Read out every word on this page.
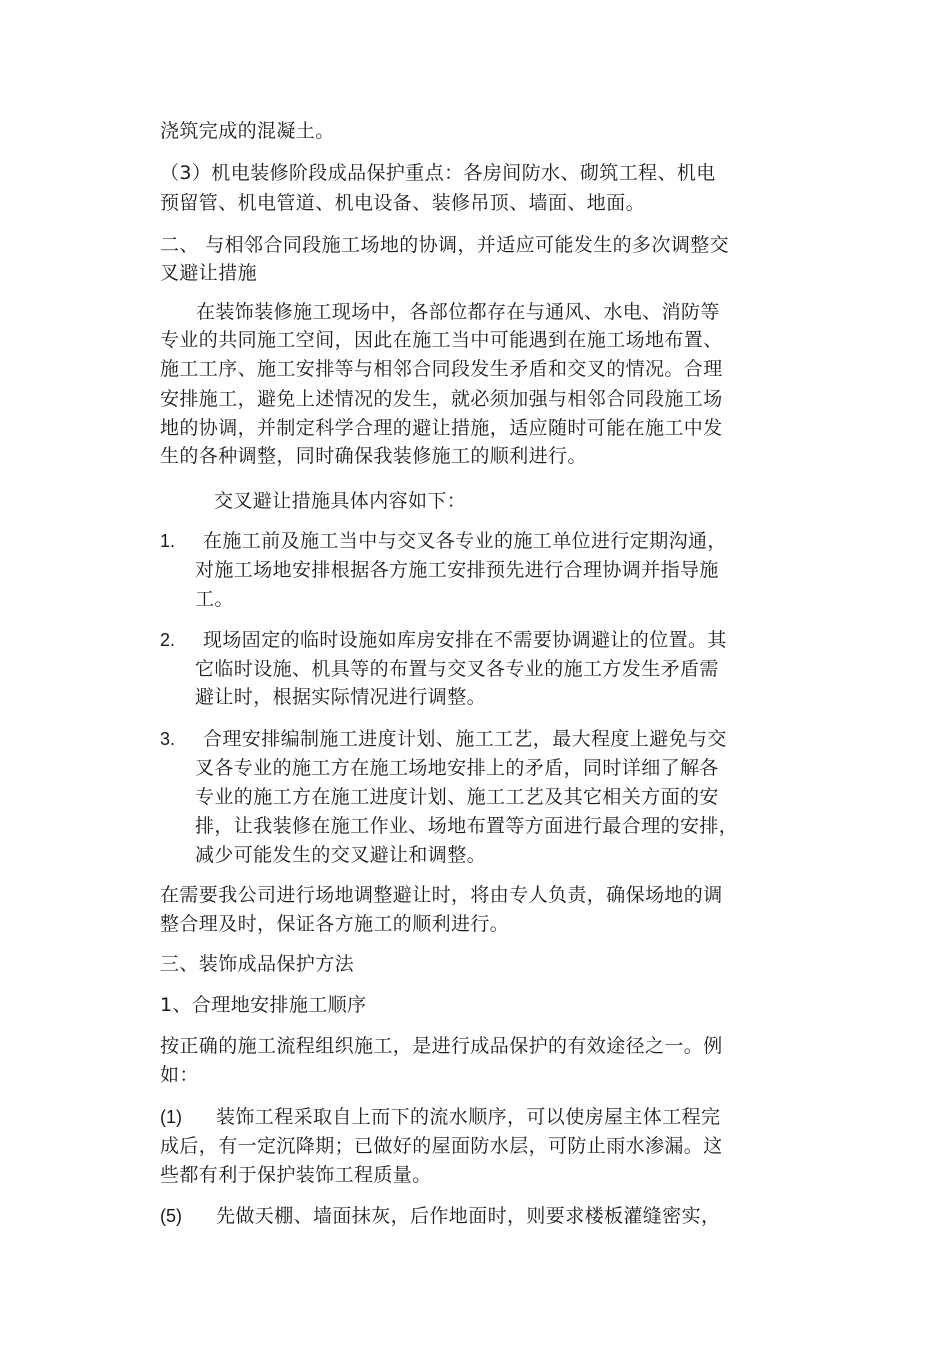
浇筑完成的混凝土。
（3）机电装修阶段成品保护重点：各房间防水、砌筑工程、机电
预留管、机电管道、机电设备、装修吊顶、墙面、地面。
二、 与相邻合同段施工场地的协调，并适应可能发生的多次调整交
叉避让措施
在装饰装修施工现场中，各部位都存在与通风、水电、消防等
专业的共同施工空间，因此在施工当中可能遇到在施工场地布置、
施工工序、施工安排等与相邻合同段发生矛盾和交叉的情况。合理
安排施工，避免上述情况的发生，就必须加强与相邻合同段施工场
地的协调，并制定科学合理的避让措施，适应随时可能在施工中发
生的各种调整，同时确保我装修施工的顺利进行。
交叉避让措施具体内容如下：
1. 在施工前及施工当中与交叉各专业的施工单位进行定期沟通，
对施工场地安排根据各方施工安排预先进行合理协调并指导施
工。
2. 现场固定的临时设施如库房安排在不需要协调避让的位置。其
它临时设施、机具等的布置与交叉各专业的施工方发生矛盾需
避让时，根据实际情况进行调整。
3. 合理安排编制施工进度计划、施工工艺，最大程度上避免与交
叉各专业的施工方在施工场地安排上的矛盾，同时详细了解各
专业的施工方在施工进度计划、施工工艺及其它相关方面的安
排，让我装修在施工作业、场地布置等方面进行最合理的安排，
减少可能发生的交叉避让和调整。
在需要我公司进行场地调整避让时，将由专人负责，确保场地的调
整合理及时，保证各方施工的顺利进行。
三、装饰成品保护方法
1、合理地安排施工顺序
按正确的施工流程组织施工，是进行成品保护的有效途径之一。例
如：
(1) 装饰工程采取自上而下的流水顺序，可以使房屋主体工程完
成后，有一定沉降期；已做好的屋面防水层，可防止雨水渗漏。这
些都有利于保护装饰工程质量。
(5) 先做天棚、墙面抹灰，后作地面时，则要求楼板灌缝密实，
